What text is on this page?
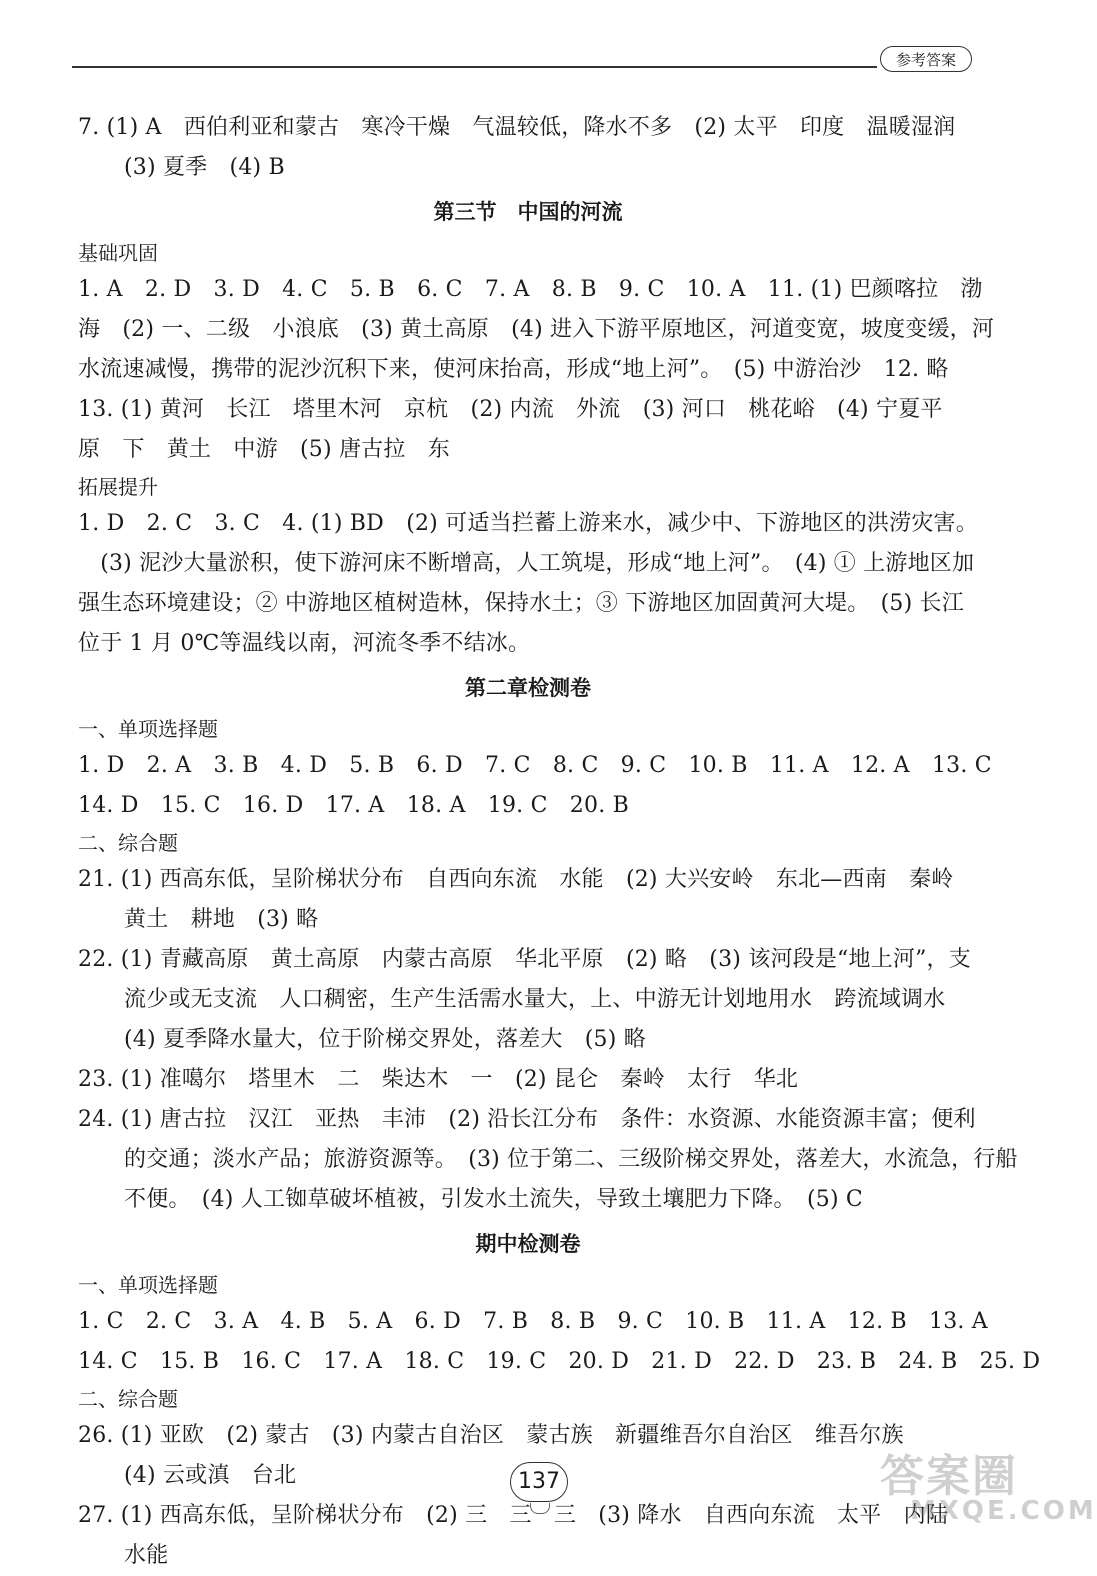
参考答案
7. (1) A　西伯利亚和蒙古　寒冷干燥　气温较低，降水不多　(2) 太平　印度　温暖湿润
(3) 夏季　(4) B
第三节　中国的河流
基础巩固
1. A　2. D　3. D　4. C　5. B　6. C　7. A　8. B　9. C　10. A　11. (1) 巴颜喀拉　渤
海　(2) 一、二级　小浪底　(3) 黄土高原　(4) 进入下游平原地区，河道变宽，坡度变缓，河
水流速减慢，携带的泥沙沉积下来，使河床抬高，形成“地上河”。　(5) 中游治沙　12. 略
13. (1) 黄河　长江　塔里木河　京杭　(2) 内流　外流　(3) 河口　桃花峪　(4) 宁夏平
原　下　黄土　中游　(5) 唐古拉　东
拓展提升
1. D　2. C　3. C　4. (1) BD　(2) 可适当拦蓄上游来水，减少中、下游地区的洪涝灾害。
　(3) 泥沙大量淤积，使下游河床不断增高，人工筑堤，形成“地上河”。　(4) ① 上游地区加
强生态环境建设；② 中游地区植树造林，保持水土；③ 下游地区加固黄河大堤。　(5) 长江
位于 1 月 0℃等温线以南，河流冬季不结冰。
第二章检测卷
一、单项选择题
1. D　2. A　3. B　4. D　5. B　6. D　7. C　8. C　9. C　10. B　11. A　12. A　13. C
14. D　15. C　16. D　17. A　18. A　19. C　20. B
二、综合题
21. (1) 西高东低，呈阶梯状分布　自西向东流　水能　(2) 大兴安岭　东北—西南　秦岭
黄土　耕地　(3) 略
22. (1) 青藏高原　黄土高原　内蒙古高原　华北平原　(2) 略　(3) 该河段是“地上河”，支
流少或无支流　人口稠密，生产生活需水量大，上、中游无计划地用水　跨流域调水
(4) 夏季降水量大，位于阶梯交界处，落差大　(5) 略
23. (1) 准噶尔　塔里木　二　柴达木　一　(2) 昆仑　秦岭　太行　华北
24. (1) 唐古拉　汉江　亚热　丰沛　(2) 沿长江分布　条件：水资源、水能资源丰富；便利
的交通；淡水产品；旅游资源等。　(3) 位于第二、三级阶梯交界处，落差大，水流急，行船
不便。　(4) 人工铷草破坏植被，引发水土流失，导致土壤肥力下降。　(5) C
期中检测卷
一、单项选择题
1. C　2. C　3. A　4. B　5. A　6. D　7. B　8. B　9. C　10. B　11. A　12. B　13. A
14. C　15. B　16. C　17. A　18. C　19. C　20. D　21. D　22. D　23. B　24. B　25. D
二、综合题
26. (1) 亚欧　(2) 蒙古　(3) 内蒙古自治区　蒙古族　新疆维吾尔自治区　维吾尔族
(4) 云或滇　台北
27. (1) 西高东低，呈阶梯状分布　(2) 三　三　三　(3) 降水　自西向东流　太平　内陆
水能
137	答案圈
MXQE.COM
